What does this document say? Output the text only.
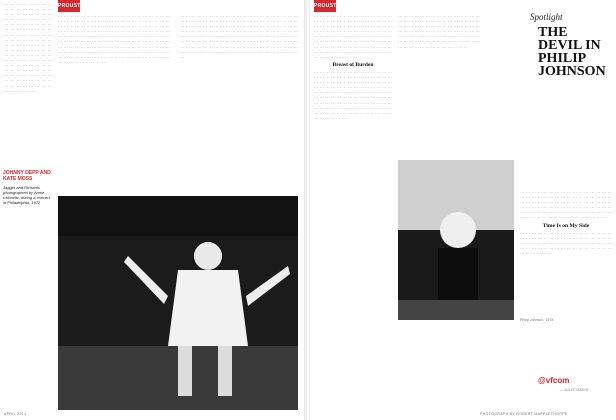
PROUST

··· ··· ··· ··· ··· ··· ··· ··· ··· ··· ··· ··· ··· ··· ··· ··· ··· ··· ··· ··· ··· ··· ··· ··· ··· ··· ··· ··· ··· ··· ··· ··· ··· ··· ··· ··· ··· ··· ··· ··· ··· ··· ··· ··· ··· ··· ··· ··· ··· ··· ··· ··· ··· ··· ··· ··· ··· ··· ··· ··· ··· ··· ··· ··· ··· ··· ··· ··· ··· ··· ··· ··· ··· ··· ··· ··· ··· ··· ··· ··· ··· ··· ··· ··· ··· ··· ··· ··· ··· ··· ··· ··· ··· ··· ··· ··· ··· ··· ··· ··· ··· ··· ··· ··· ··· ··· ··· ··· ··· ··· ··· ··· ··· ··· ··· ··· ··· ··· ··· ··· ··· ··· ··· ··· ··· ··· ··· ··· ··· ··· ··· ··· ··· ··· ··· ··· ··· ··· ··· ··· ··· ···

JOHNNY DEPP AND KATE MOSS
Jagger and Richards photographed by Annie Leibovitz, during a concert in Philadelphia, 1972

··· ··· ··· ··· ··· ··· ··· ··· ··· ··· ··· ··· ··· ··· ··· ··· ··· ··· ··· ··· ··· ··· ··· ··· ··· ··· ··· ··· ··· ··· ··· ··· ··· ··· ··· ··· ··· ··· ··· ··· ··· ··· ··· ··· ··· ··· ··· ··· ··· ··· ··· ··· ··· ··· ··· ··· ··· ··· ··· ··· ··· ··· ··· ··· ··· ··· ··· ··· ··· ··· ··· ··· ··· ··· ··· ··· ··· ··· ··· ··· ··· ··· ··· ··· ··· ··· ··· ··· ··· ··· ··· ··· ··· ··· ··· ··· ··· ··· ··· ··· ··· ··· ··· ··· ··· ··· ··· ··· ··· ··· ··· ··· ··· ··· ··· ··· ··· ··· ··· ··· ··· ··· ··· ··· ··· ··· ··· ··· ··· ··· ··· ··· ··· ··· ··· ··· ··· ··· ··· ··· ··· ··· ··· ··· ··· ··· ··· ··· ··· ··· ··· ··· ··· ··· ··· ··· ··· ··· ··· ··· ··· ··· ··· ··· ··· ··· ··· ··· ··· ··· ··· ··· ··· ··· ··· ··· ··· ··· ··· ··· ··· ··· ··· ··· ··· ··· ··· ··· ···

··· ··· ··· ··· ··· ··· ··· ··· ··· ··· ··· ··· ··· ··· ··· ··· ··· ··· ··· ··· ··· ··· ··· ··· ··· ··· ··· ··· ··· ··· ··· ··· ··· ··· ··· ··· ··· ··· ··· ··· ··· ··· ··· ··· ··· ··· ··· ··· ··· ··· ··· ··· ··· ··· ··· ··· ··· ··· ··· ··· ··· ··· ··· ··· ··· ··· ··· ··· ··· ··· ··· ··· ··· ··· ··· ··· ··· ··· ··· ··· ··· ··· ··· ··· ··· ··· ··· ··· ··· ··· ··· ··· ··· ··· ··· ··· ··· ··· ··· ··· ··· ··· ··· ··· ··· ··· ··· ··· ··· ··· ··· ··· ··· ··· ··· ··· ··· ··· ··· ··· ··· ··· ··· ··· ··· ··· ··· ··· ··· ··· ··· ··· ··· ··· ··· ··· ··· ··· ··· ··· ··· ··· ··· ··· ··· ··· ··· ··· ··· ··· ··· ··· ··· ··· ··· ··· ··· ··· ··· ··· ··· ··· ··· ··· ··· ··· ··· ··· ···

APRIL 2013
PROUST

··· ··· ··· ··· ··· ··· ··· ··· ··· ··· ··· ··· ··· ··· ··· ··· ··· ··· ··· ··· ··· ··· ··· ··· ··· ··· ··· ··· ··· ··· ··· ··· ··· ··· ··· ··· ··· ··· ··· ··· ··· ··· ··· ··· ··· ··· ··· ··· ··· ··· ··· ··· ··· ··· ··· ··· ··· ··· ··· ··· ··· ··· ··· ··· ··· ··· ··· ··· ··· ··· ··· ··· ··· ··· ··· ··· ··· ··· ··· ··· ··· ··· ··· ··· ··· ··· ··· ··· ··· ··· ··· ··· ··· ··· ··· ··· ··· ··· ··· ··· ··· ··· ··· ··· ··· ··· ··· ··· ··· ··· ··· ··· ··· ··· ··· ··· ··· ··· ··· ···

Breast of Burden

··· ··· ··· ··· ··· ··· ··· ··· ··· ··· ··· ··· ··· ··· ··· ··· ··· ··· ··· ··· ··· ··· ··· ··· ··· ··· ··· ··· ··· ··· ··· ··· ··· ··· ··· ··· ··· ··· ··· ··· ··· ··· ··· ··· ··· ··· ··· ··· ··· ··· ··· ··· ··· ··· ··· ··· ··· ··· ··· ··· ··· ··· ··· ··· ··· ··· ··· ··· ··· ··· ··· ··· ··· ··· ··· ··· ··· ··· ··· ··· ··· ··· ··· ··· ··· ··· ··· ··· ··· ··· ··· ··· ··· ··· ··· ··· ··· ··· ··· ··· ··· ··· ··· ··· ··· ··· ··· ··· ··· ··· ··· ··· ··· ··· ··· ··· ··· ··· ··· ··· ··· ··· ··· ··· ··· ··· ··· ··· ··· ··· ··· ···

··· ··· ··· ··· ··· ··· ··· ··· ··· ··· ··· ··· ··· ··· ··· ··· ··· ··· ··· ··· ··· ··· ··· ··· ··· ··· ··· ··· ··· ··· ··· ··· ··· ··· ··· ··· ··· ··· ··· ··· ··· ··· ··· ··· ··· ··· ··· ··· ··· ··· ··· ··· ··· ··· ··· ··· ··· ··· ··· ··· ··· ··· ··· ··· ··· ··· ··· ··· ··· ··· ··· ··· ··· ··· ··· ··· ··· ··· ··· ··· ··· ··· ··· ··· ··· ··· ··· ··· ··· ··· ··· ··· ··· ··· ··· ··· ··· ··· ··· ··· ··· ··· ···

··· ··· ··· ··· ··· ··· ··· ··· ··· ··· ··· ··· ··· ··· ··· ··· ··· ··· ··· ··· ··· ··· ··· ··· ··· ··· ··· ··· ··· ··· ··· ··· ··· ··· ··· ··· ··· ··· ··· ··· ··· ··· ··· ··· ··· ··· ··· ··· ··· ··· ··· ··· ··· ··· ··· ··· ··· ··· ··· ··· ··· ··· ··· ··· ··· ··· ··· ··· ··· ··· ··· ··· ··· ··· ··· ··· ··· ··· ··· ··· ··· ··· ··· ··· ··· ··· ··· ··· ··· ··· ··· ··· ··· ··· ··· ···

Time Is on My Side

··· ··· ··· ··· ··· ··· ··· ··· ··· ··· ··· ··· ··· ··· ··· ··· ··· ··· ··· ··· ··· ··· ··· ··· ··· ··· ··· ··· ··· ··· ··· ··· ··· ··· ··· ··· ··· ··· ··· ··· ··· ··· ··· ··· ··· ··· ··· ··· ··· ··· ··· ··· ··· ··· ··· ··· ··· ··· ··· ··· ··· ··· ··· ··· ··· ··· ··· ··· ··· ···

PHOTOGRAPH BY ROBERT MAPPLETHORPE
Spotlight
THE DEVIL IN PHILIP JOHNSON
Philip Johnson, 1978
@vfcom
—JULIE DAVIS
